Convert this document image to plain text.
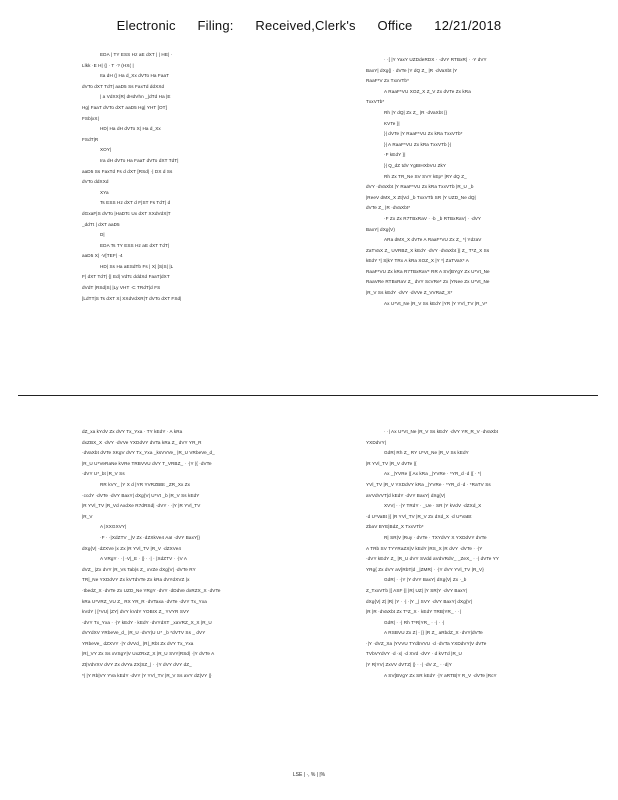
Electronic Filing: Received,Clerk's Office 12/21/2018
EDA | TY ESS Hz aE dXT | | HE| ·
Llkk ·E H| {| · T ·? (HX( |
Ita dH (| Ha d_Xx dVTo Ha FaaT
dVTo dXT TdT| aaD5 Ss FaxTd ddXXd
| a VdXX{R| dHdVhn _|dTd Ha |E
Hg| FaaT dVTo dXT aaD5 Hg| YHT [OT]
FSb|xX|
HD| Ha dH dVTo X| Ha d_Xx
FSdT|R
XOY|
Ira dH dVTo Ha FaaT dVTo dXT TdT|
aaD5 Ss FaxTd Fs d dXT [RSd| ·| DX d Ss
dVTo ddXXd
XYa
Ts ESS Hz dXT d F|ST Fs TdT| d
dGxaF|S dVTo |HaDTc Ux dXT XXdVdX|T
_ddTt | dXT aaD5
D|
EDA Ts TY ESS Hz aE dXT TdT|
aaD5 X| ·V[TEF| ·4
HD| Ss Ha aESdTb Fs | X| [S|S| |L
F| dXT TdT| {| Ed| VdTc dddXd FaaT|dXT
dVdT |RSd|S| |Ly VHT ·C TRdT|d FS
[LdTT|S Ts dXT X| XXdVdXR|T dVTo dXT FSd|
· ·[ |Y YaxY UZDdeRDX · ·dVY RTBxR| · ·Y dVY
BaxY| dXg{| · dVTe |Y dQ Z_ |R ·dVaXbt |Y
RaaF*V Zx TxxVTb*
A RaaF*VU XOZ_X Z_V Zx dVTe Zx kRa
TxxVTb*
Rh |Y dQ| Zx Z_ |R ·dVaXbt |}
KVTe }|
}| dVTe |Y RaaF*VU Zx kRa TxxVTb*
}| A RaaF*VU Zx kRa TxxVTb }|
·F kEdY }|
}| Q_dZ tdV YgBIHXbVU ZkY
Rh Zx TR_Ne SV SVY kEp* |RY dQ Z_
dVY ·dVaXbt |Y RaaF*VU Zx kRa TxxVTb |R_U _b
|ReeV dMX_X Zt|Vd _b TxxVTb SR |Y UZD_Ne dQ|
dVTe Z_ |R ·dVaXbt*
·F Zx Zx R7TBxRaV · ·b _b RTBxRaV| · ·dVY
BaxY| dXg{V)
ARa dMX_X dVTe A RaaF*VU Zx Z_ *| YdzaV
ZaTVaX Z_ UVRBZ_X kEdY ·dVY ·dVaXbt }| Z_ T*Z_X Ss
kEdY *| S|kY TRx A kRa XOZ_X |Y *| ZaTVaX* A
RaaF*VU Zx kRa R7TBxRaV* RR A SV[BYgY Zx U*Vt_Ne
RaaVRe RTBxRaV Z_ dVY ScVRe* Zx |YNee Zx U*Vt_Ne
|R_V Ss kEdY ·dVY ·dVVe Z_VVRaZ_X*
Ax U*Vt_Ne |R_V Ss kEdY |YR |Y YVl_TV |R_V*
dZ_xa kYdV Zx dVY Tx_Yxa · TY kEdY · A kRa
dxZBX_X ·dVY ·dVVe YXDdVY dVTa kRa Z_ dVY YR_R
·dVaXbt dVTe XKgV dVY Tx_Yxa _ksVVVe_ |R_U VRbeVe_d_
|R_U U*VeRaNe kVRe TRBVVU dVY T_VRBZ_ · ·|Y |{ ·dVTe
·dVY U*_bt |R_V Ss
RR kVY_ |Y X d |YR YVRZBBt _ZR_Xx Zx
·ccdY ·dVTe ·dVY BaxY| dXg{V| U*Vt _b |R_V Ss kEdY
|R YVl_TV |R_Vd AxdXe R7dRSd| ·dVY · ·|Y |R YVl_TV
|R_V
A |XXGXVY|
·F · ·|XdZTV _|V Zx ·dZXkVe4 AaI ·dVY BaxY|}
dXg{V| ·dZXVe |x Zx |R YVl_TV |R_V ·dZXVe4
A VRgY · ·| ·V|_E · |} · ·| · |XdZTV · ·|V A
dVZ_ |Zx dVY |R_Vs Tab|s Z_ xVZe dXg{V| ·dVTe RY
TR|_Ne YXDdVY Zx kVTdVTe Zx kRa dVYdXVZ |x
·tbedZ_X ·dVTe Zx UZD_Ne YRgY ·dVY ·dDdVe dxRZX_X ·dVTe
kRa U*VRZ_VU Z_ RX YR_R ·dVTaxa ·dVTe ·dVY Tx_Yxa
kVdY | [*VU| |ZY| dVY kVdY YOBIX Z_ YVYR SVY
·dVY Tx_Yxa · ·|Y kEdY · kEdY ·dVYdXT _xaVRZ_X_X |R_U
dVYdXV YRbeVe_d_ |R_U ·dVY|U U* _b *dVTV Ss _ dVY
YRbeVe_ dZXVY ·|Y dVVd_ |R|_Rbt Zx dVY Tx_Yxa
|R|_VY Zx Ss xVSgY|V UxZRxZ_X |R_U SVY|RSd| ·|Y dVTe A
Zt|VdVXV dVY Zx dVYa ZX|SZ_| · ·|Y dVY dVY dZ_
*| |Y Rb|VY YVa kEdY ·dVY |Y YVl_TV |R_V Ss aVY dZ|VY |}
· ·| Ax U*Vt_Ne |R_V Ss kEdY ·dVY YR_R_V ·dVaXbt
YXDdVY|
GdR| Rh Z_ RY U*Vt_Ne |R_V Ss kEdY
|R YVl_TV |R_V dVTe |{
Ax _|YVRe |[ Ax kRa _|YVRe · *YR_d ·d |[ · *|
YVl_TV |R_V YXDdVY kRa _|YVRe · *YR_d ·d · *RaTV Ss
aVVdVVT|d kEdY ·dVY BaxY| dXg{V|
XVV| · ·|Y TRdY · _Ue · SR |Y kVdV ·dZXd_X
·d U*VaBt |{ |R YVl_TV |R_V Zx dXd_X ·d U*VaBt
ZbaV BYE|BdZ_X TxxVTb*
R| SR|V |Ruy · dVTe · TXYdVY X YXDdVY dVTe
A TRb SV TYYRaZX|V kEdY |RS_X |R dVY ·dVTe · ·|Y
·dVY kEdY Z_ |R_U dVY SVdd aVdVRdV_ _ZeX_ · ·| dVTe YY
YRg{ Zx dVY aV[RbT|d _|ZMR| · ·|Y dVY YVl_TV |R_V}
GdR| · ·|Y |Y dVY BaxY| dXg{V| Zx ·_b
Z_TxxVTb |[ ASF {| |R| UZ| |Y SR|Y ·dVY BaxY|
dXg{V| Z| |R| |Y · ·| ·|Y _| SVY ·dVY BaxY| dXg{V|
|R |R ·dVaXbt Zx T*Z_X · kEdY TRB|YR_ · ·|
GdR| · ·| Rh T*R|YR_ · ·| · ·|
A RSBVU Zx Z| · |} |R Z_ aRbdZ_X ·dVY|dVTe
·|Y ·dVZ_Xa |YVVU TYdbVVU ·d ·dVTa YXDdVY|V dVTe
TVbVYdVY ·d ·x| ·d XVd ·dVY · d kVTd |R_U
|Y R|YV| ZxVV dVTZ| |} · ·| ·dV Z_ · ·d|Y
A SV[BVgY Zx SR kEdY ·|Y aRTB|Y R_V ·dVTe |RcY
LSE | ·, % | |%
